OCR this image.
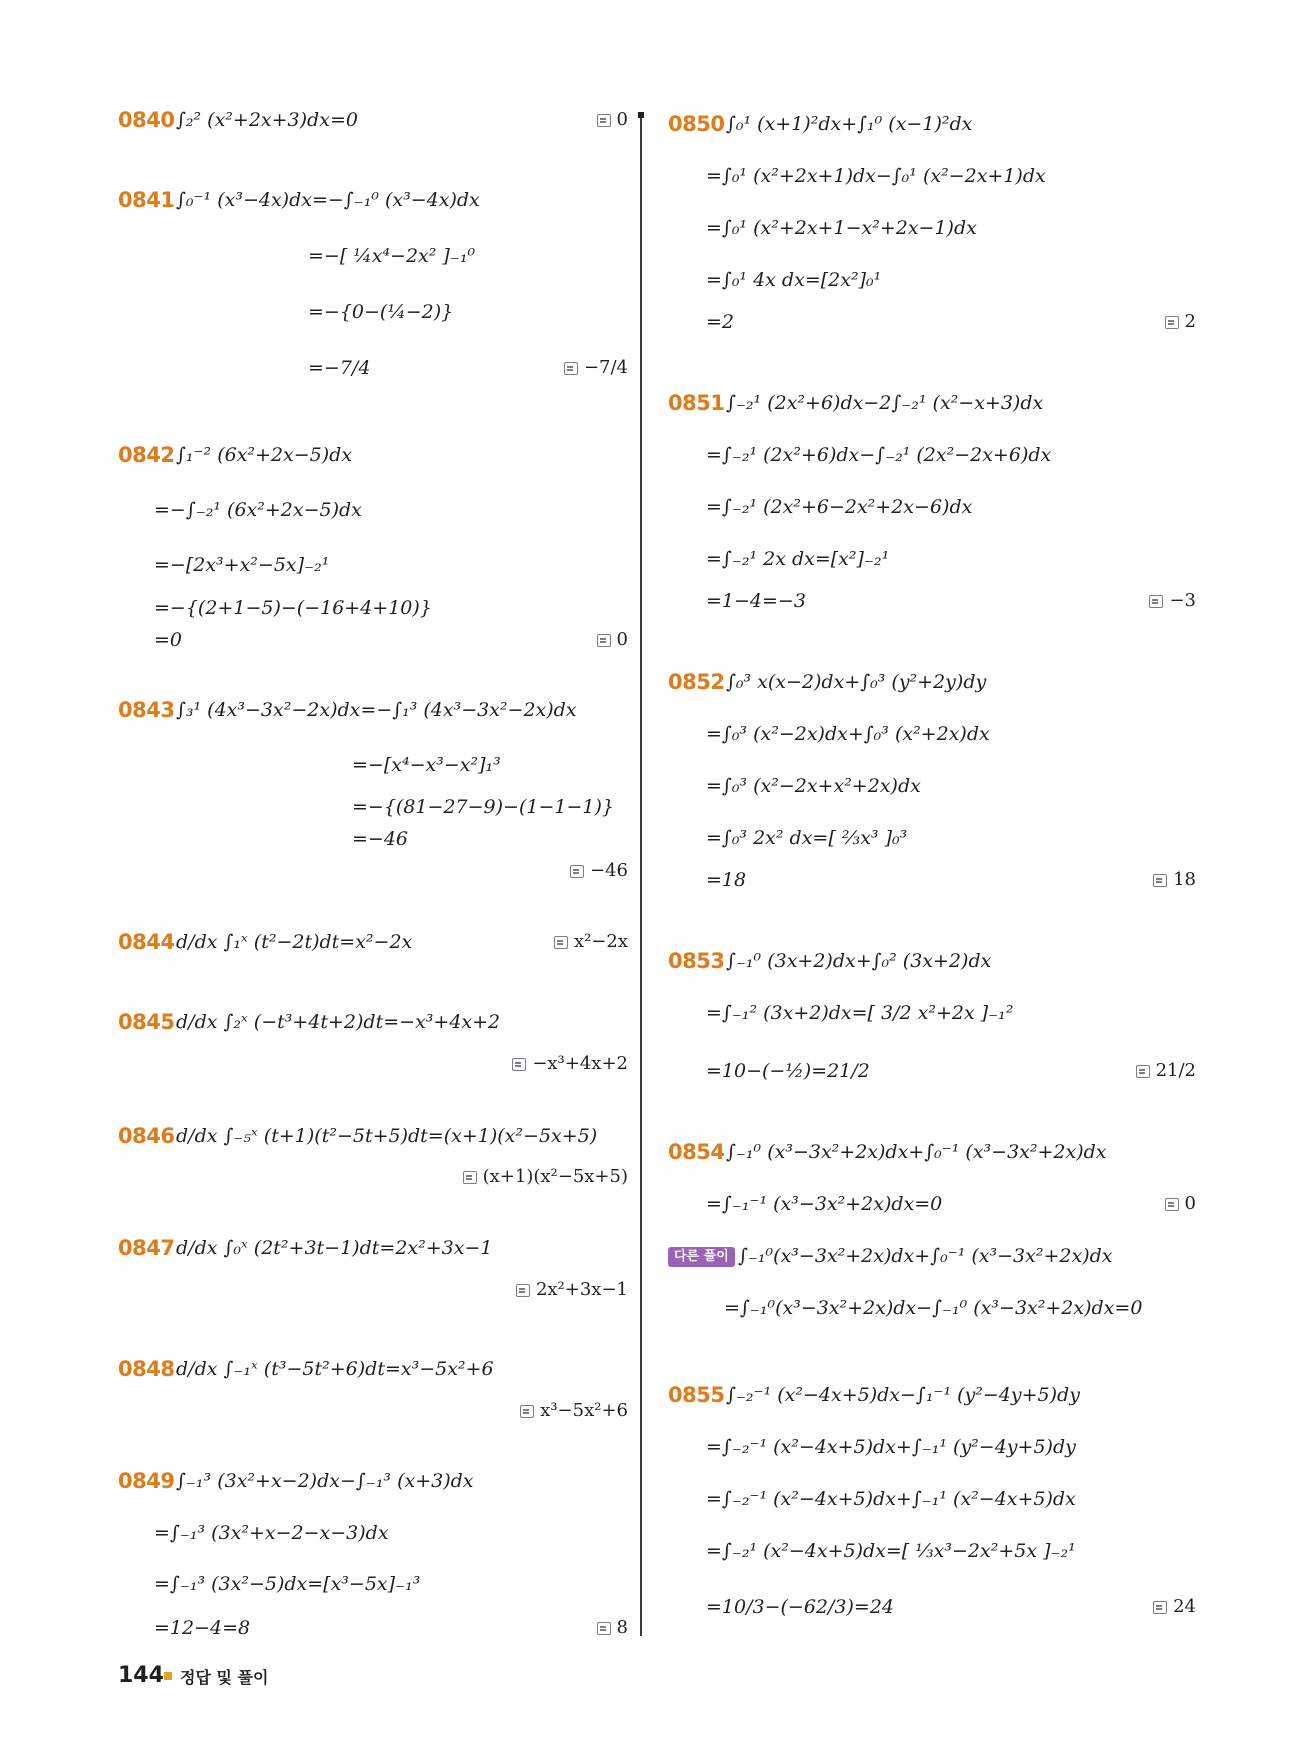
0840 ∫₂² (x²+2x+3)dx=0	0
0841 ∫₀⁻¹ (x³−4x)dx=−∫₋₁⁰ (x³−4x)dx
=−[ ¼x⁴−2x² ]₋₁⁰
=−{0−(¼−2)}
=−7/4	−7/4
0842 ∫₁⁻² (6x²+2x−5)dx
=−∫₋₂¹ (6x²+2x−5)dx
=−[2x³+x²−5x]₋₂¹
=−{(2+1−5)−(−16+4+10)}
=0	0
0843 ∫₃¹ (4x³−3x²−2x)dx=−∫₁³ (4x³−3x²−2x)dx
=−[x⁴−x³−x²]₁³
=−{(81−27−9)−(1−1−1)}
=−46
−46
0844 d/dx ∫₁ˣ (t²−2t)dt=x²−2x	x²−2x
0845 d/dx ∫₂ˣ (−t³+4t+2)dt=−x³+4x+2
−x³+4x+2
0846 d/dx ∫₋₅ˣ (t+1)(t²−5t+5)dt=(x+1)(x²−5x+5)
(x+1)(x²−5x+5)
0847 d/dx ∫₀ˣ (2t²+3t−1)dt=2x²+3x−1
2x²+3x−1
0848 d/dx ∫₋₁ˣ (t³−5t²+6)dt=x³−5x²+6
x³−5x²+6
0849 ∫₋₁³ (3x²+x−2)dx−∫₋₁³ (x+3)dx
=∫₋₁³ (3x²+x−2−x−3)dx
=∫₋₁³ (3x²−5)dx=[x³−5x]₋₁³
=12−4=8	8
0850 ∫₀¹ (x+1)²dx+∫₁⁰ (x−1)²dx
=∫₀¹ (x²+2x+1)dx−∫₀¹ (x²−2x+1)dx
=∫₀¹ (x²+2x+1−x²+2x−1)dx
=∫₀¹ 4x dx=[2x²]₀¹
=2	2
0851 ∫₋₂¹ (2x²+6)dx−2∫₋₂¹ (x²−x+3)dx
=∫₋₂¹ (2x²+6)dx−∫₋₂¹ (2x²−2x+6)dx
=∫₋₂¹ (2x²+6−2x²+2x−6)dx
=∫₋₂¹ 2x dx=[x²]₋₂¹
=1−4=−3	−3
0852 ∫₀³ x(x−2)dx+∫₀³ (y²+2y)dy
=∫₀³ (x²−2x)dx+∫₀³ (x²+2x)dx
=∫₀³ (x²−2x+x²+2x)dx
=∫₀³ 2x² dx=[ ⅔x³ ]₀³
=18	18
0853 ∫₋₁⁰ (3x+2)dx+∫₀² (3x+2)dx
=∫₋₁² (3x+2)dx=[ 3/2 x²+2x ]₋₁²
=10−(−½)=21/2	21/2
0854 ∫₋₁⁰ (x³−3x²+2x)dx+∫₀⁻¹ (x³−3x²+2x)dx
=∫₋₁⁻¹ (x³−3x²+2x)dx=0	0
다른 풀이 ∫₋₁⁰(x³−3x²+2x)dx+∫₀⁻¹ (x³−3x²+2x)dx
=∫₋₁⁰(x³−3x²+2x)dx−∫₋₁⁰ (x³−3x²+2x)dx=0
0855 ∫₋₂⁻¹ (x²−4x+5)dx−∫₁⁻¹ (y²−4y+5)dy
=∫₋₂⁻¹ (x²−4x+5)dx+∫₋₁¹ (y²−4y+5)dy
=∫₋₂⁻¹ (x²−4x+5)dx+∫₋₁¹ (x²−4x+5)dx
=∫₋₂¹ (x²−4x+5)dx=[ ⅓x³−2x²+5x ]₋₂¹
=10/3−(−62/3)=24	24
144 정답 및 풀이
